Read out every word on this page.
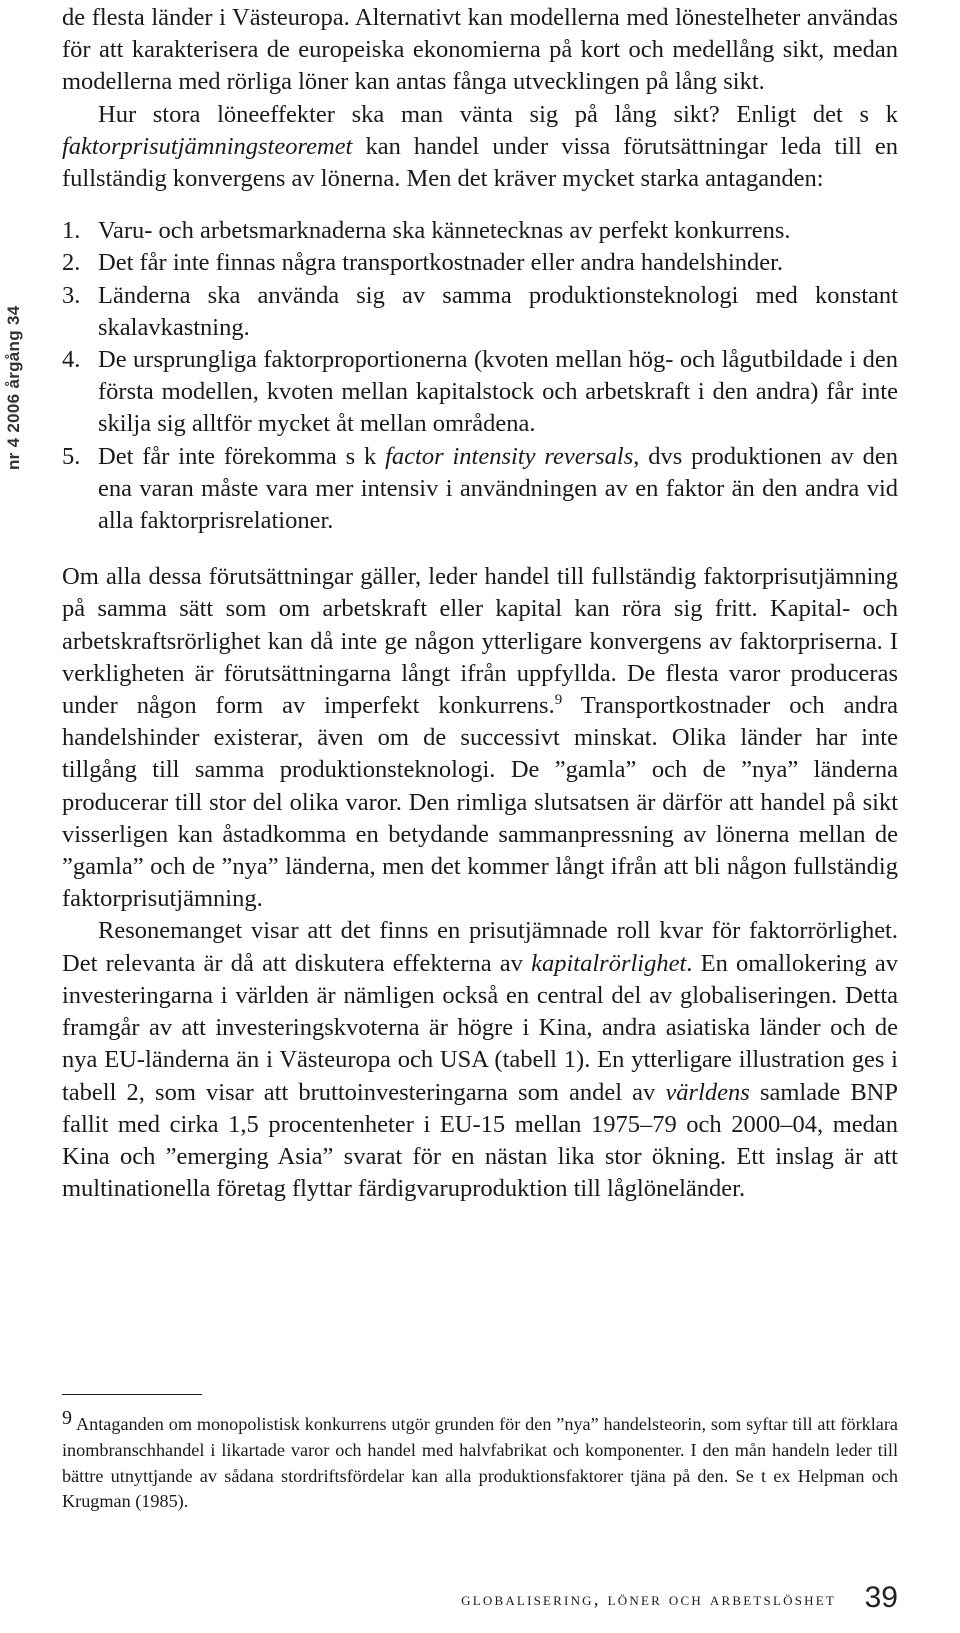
nr 4 2006 årgång 34

de flesta länder i Västeuropa. Alternativt kan modellerna med lönestelheter användas för att karakterisera de europeiska ekonomierna på kort och medellång sikt, medan modellerna med rörliga löner kan antas fånga utvecklingen på lång sikt.

Hur stora löneeffekter ska man vänta sig på lång sikt? Enligt det s k faktorprisutjämningsteoremet kan handel under vissa förutsättningar leda till en fullständig konvergens av lönerna. Men det kräver mycket starka antaganden:

1. Varu- och arbetsmarknaderna ska kännetecknas av perfekt konkurrens.
2. Det får inte finnas några transportkostnader eller andra handelshinder.
3. Länderna ska använda sig av samma produktionsteknologi med konstant skalavkastning.
4. De ursprungliga faktorproportionerna (kvoten mellan hög- och lågutbildade i den första modellen, kvoten mellan kapitalstock och arbetskraft i den andra) får inte skilja sig alltför mycket åt mellan områdena.
5. Det får inte förekomma s k factor intensity reversals, dvs produktionen av den ena varan måste vara mer intensiv i användningen av en faktor än den andra vid alla faktorprisrelationer.

Om alla dessa förutsättningar gäller, leder handel till fullständig faktorprisutjämning på samma sätt som om arbetskraft eller kapital kan röra sig fritt. Kapital- och arbetskraftsrörlighet kan då inte ge någon ytterligare konvergens av faktorpriserna. I verkligheten är förutsättningarna långt ifrån uppfyllda. De flesta varor produceras under någon form av imperfekt konkurrens.$^9$ Transportkostnader och andra handelshinder existerar, även om de successivt minskat. Olika länder har inte tillgång till samma produktionsteknologi. De ”gamla” och de ”nya” länderna producerar till stor del olika varor. Den rimliga slutsatsen är därför att handel på sikt visserligen kan åstadkomma en betydande sammanpressning av lönerna mellan de ”gamla” och de ”nya” länderna, men det kommer långt ifrån att bli någon fullständig faktorprisutjämning.

Resonemanget visar att det finns en prisutjämnade roll kvar för faktorrörlighet. Det relevanta är då att diskutera effekterna av kapitalrörlighet. En omallokering av investeringarna i världen är nämligen också en central del av globaliseringen. Detta framgår av att investeringskvoterna är högre i Kina, andra asiatiska länder och de nya EU-länderna än i Västeuropa och USA (tabell 1). En ytterligare illustration ges i tabell 2, som visar att bruttoinvesteringarna som andel av världens samlade BNP fallit med cirka 1,5 procentenheter i EU-15 mellan 1975–79 och 2000–04, medan Kina och ”emerging Asia” svarat för en nästan lika stor ökning. Ett inslag är att multinationella företag flyttar färdigvaruproduktion till låglöneländer.

9 Antaganden om monopolistisk konkurrens utgör grunden för den ”nya” handelsteorin, som syftar till att förklara inombranschhandel i likartade varor och handel med halvfabrikat och komponenter. I den mån handeln leder till bättre utnyttjande av sådana stordriftsfördelar kan alla produktionsfaktorer tjäna på den. Se t ex Helpman och Krugman (1985).
globalisering, löner och arbetslöshet 39
